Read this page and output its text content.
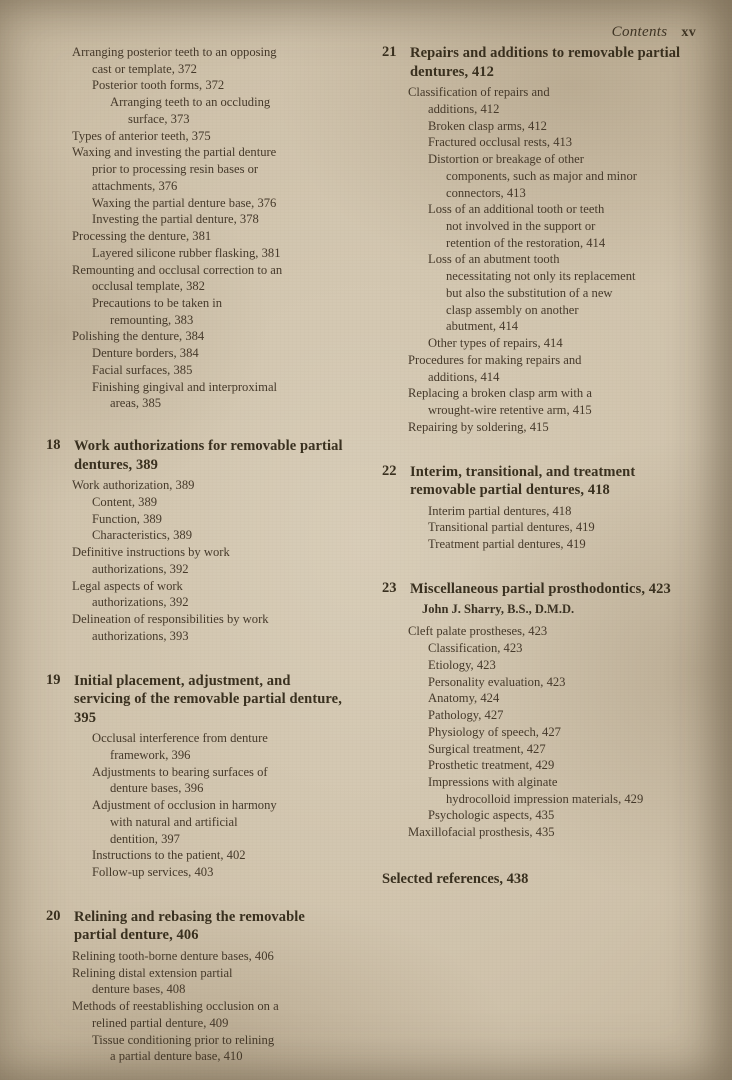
Contents xv

Arranging posterior teeth to an opposing

cast or template, 372

Posterior tooth forms, 372

Arranging teeth to an occluding

surface, 373

Types of anterior teeth, 375

Waxing and investing the partial denture

prior to processing resin bases or

attachments, 376

Waxing the partial denture base, 376

Investing the partial denture, 378

Processing the denture, 381

Layered silicone rubber flasking, 381

Remounting and occlusal correction to an

occlusal template, 382

Precautions to be taken in

remounting, 383

Polishing the denture, 384

Denture borders, 384

Facial surfaces, 385

Finishing gingival and interproximal

areas, 385

18 Work authorizations for removable partial dentures, 389

Work authorization, 389

Content, 389

Function, 389

Characteristics, 389

Definitive instructions by work

authorizations, 392

Legal aspects of work

authorizations, 392

Delineation of responsibilities by work

authorizations, 393

19 Initial placement, adjustment, and servicing of the removable partial denture, 395

Occlusal interference from denture

framework, 396

Adjustments to bearing surfaces of

denture bases, 396

Adjustment of occlusion in harmony

with natural and artificial

dentition, 397

Instructions to the patient, 402

Follow-up services, 403

20 Relining and rebasing the removable partial denture, 406

Relining tooth-borne denture bases, 406

Relining distal extension partial

denture bases, 408

Methods of reestablishing occlusion on a

relined partial denture, 409

Tissue conditioning prior to relining

a partial denture base, 410

21 Repairs and additions to removable partial dentures, 412

Classification of repairs and

additions, 412

Broken clasp arms, 412

Fractured occlusal rests, 413

Distortion or breakage of other

components, such as major and minor

connectors, 413

Loss of an additional tooth or teeth

not involved in the support or

retention of the restoration, 414

Loss of an abutment tooth

necessitating not only its replacement

but also the substitution of a new

clasp assembly on another

abutment, 414

Other types of repairs, 414

Procedures for making repairs and

additions, 414

Replacing a broken clasp arm with a

wrought-wire retentive arm, 415

Repairing by soldering, 415

22 Interim, transitional, and treatment removable partial dentures, 418

Interim partial dentures, 418

Transitional partial dentures, 419

Treatment partial dentures, 419

23 Miscellaneous partial prosthodontics, 423
John J. Sharry, B.S., D.M.D.

Cleft palate prostheses, 423

Classification, 423

Etiology, 423

Personality evaluation, 423

Anatomy, 424

Pathology, 427

Physiology of speech, 427

Surgical treatment, 427

Prosthetic treatment, 429

Impressions with alginate

hydrocolloid impression materials, 429

Psychologic aspects, 435

Maxillofacial prosthesis, 435

Selected references, 438
